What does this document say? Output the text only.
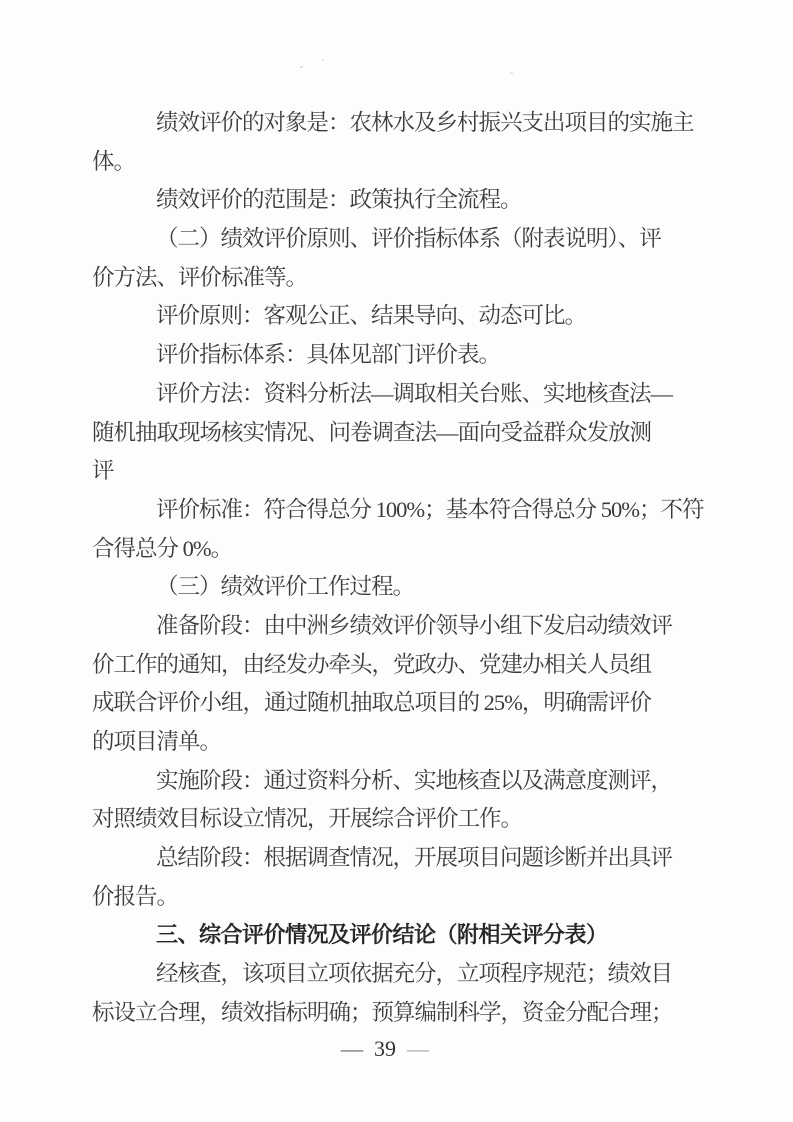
绩效评价的对象是：农林水及乡村振兴支出项目的实施主
体。
绩效评价的范围是：政策执行全流程。
（二）绩效评价原则、评价指标体系（附表说明）、评
价方法、评价标准等。
评价原则：客观公正、结果导向、动态可比。
评价指标体系：具体见部门评价表。
评价方法：资料分析法—调取相关台账、实地核查法—
随机抽取现场核实情况、问卷调查法—面向受益群众发放测
评
评价标准：符合得总分 100%；基本符合得总分 50%；不符
合得总分 0%。
（三）绩效评价工作过程。
准备阶段：由中洲乡绩效评价领导小组下发启动绩效评
价工作的通知，由经发办牵头，党政办、党建办相关人员组
成联合评价小组，通过随机抽取总项目的 25%，明确需评价
的项目清单。
实施阶段：通过资料分析、实地核查以及满意度测评，
对照绩效目标设立情况，开展综合评价工作。
总结阶段：根据调查情况，开展项目问题诊断并出具评
价报告。
三、综合评价情况及评价结论（附相关评分表）
经核查，该项目立项依据充分，立项程序规范；绩效目
标设立合理，绩效指标明确；预算编制科学，资金分配合理；
— 39 —
